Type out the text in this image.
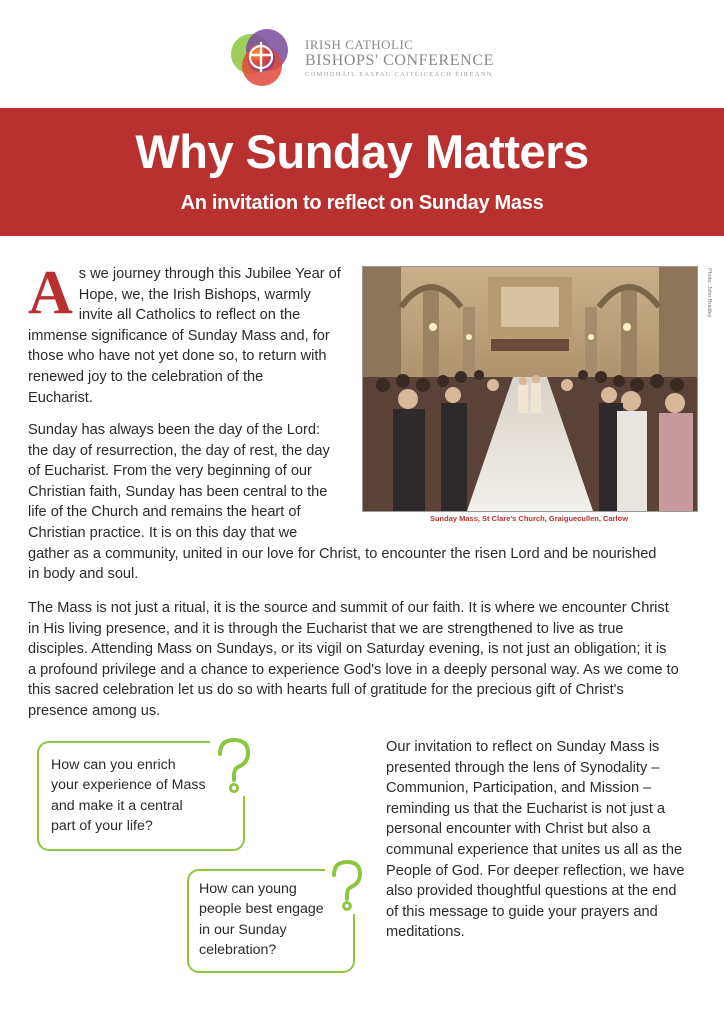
IRISH CATHOLIC
BISHOPS' CONFERENCE
COMHDHÁIL EASPAG CAITLICEACH ÉIREANN
Why Sunday Matters
An invitation to reflect on Sunday Mass
A s we journey through this Jubilee Year of
Hope, we, the Irish Bishops, warmly
invite all Catholics to reflect on the
immense significance of Sunday Mass and, for
those who have not yet done so, to return with
renewed joy to the celebration of the
Eucharist.
Sunday has always been the day of the Lord:
the day of resurrection, the day of rest, the day
of Eucharist. From the very beginning of our
Christian faith, Sunday has been central to the
life of the Church and remains the heart of
Christian practice. It is on this day that we
gather as a community, united in our love for Christ, to encounter the risen Lord and be nourished
in body and soul.
Photo: John Bradley
Sunday Mass, St Clare's Church, Graiguecullen, Carlow
The Mass is not just a ritual, it is the source and summit of our faith. It is where we encounter Christ
in His living presence, and it is through the Eucharist that we are strengthened to live as true
disciples. Attending Mass on Sundays, or its vigil on Saturday evening, is not just an obligation; it is
a profound privilege and a chance to experience God's love in a deeply personal way. As we come to
this sacred celebration let us do so with hearts full of gratitude for the precious gift of Christ's
presence among us.

How can you enrich
your experience of Mass
and make it a central
part of your life?

How can young
people best engage
in our Sunday
celebration?

Our invitation to reflect on Sunday Mass is
presented through the lens of Synodality –
Communion, Participation, and Mission –
reminding us that the Eucharist is not just a
personal encounter with Christ but also a
communal experience that unites us all as the
People of God. For deeper reflection, we have
also provided thoughtful questions at the end
of this message to guide your prayers and
meditations.
